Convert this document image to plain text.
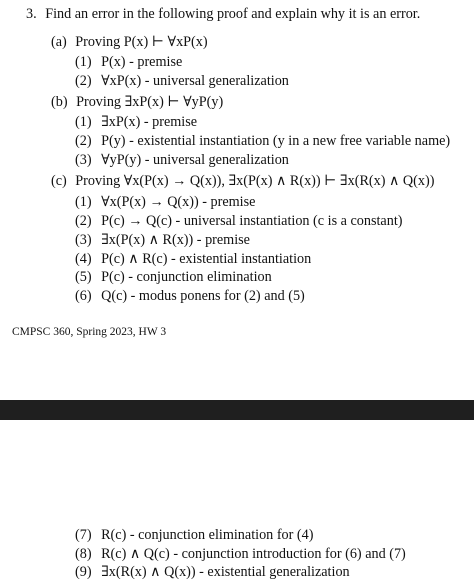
3. Find an error in the following proof and explain why it is an error.
(a) Proving P(x) ⊢ ∀xP(x)
(1) P(x) - premise
(2) ∀xP(x) - universal generalization
(b) Proving ∃xP(x) ⊢ ∀yP(y)
(1) ∃xP(x) - premise
(2) P(y) - existential instantiation (y in a new free variable name)
(3) ∀yP(y) - universal generalization
(c) Proving ∀x(P(x) → Q(x)), ∃x(P(x) ∧ R(x)) ⊢ ∃x(R(x) ∧ Q(x))
(1) ∀x(P(x) → Q(x)) - premise
(2) P(c) → Q(c) - universal instantiation (c is a constant)
(3) ∃x(P(x) ∧ R(x)) - premise
(4) P(c) ∧ R(c) - existential instantiation
(5) P(c) - conjunction elimination
(6) Q(c) - modus ponens for (2) and (5)
CMPSC 360, Spring 2023, HW 3
(7) R(c) - conjunction elimination for (4)
(8) R(c) ∧ Q(c) - conjunction introduction for (6) and (7)
(9) ∃x(R(x) ∧ Q(x)) - existential generalization
